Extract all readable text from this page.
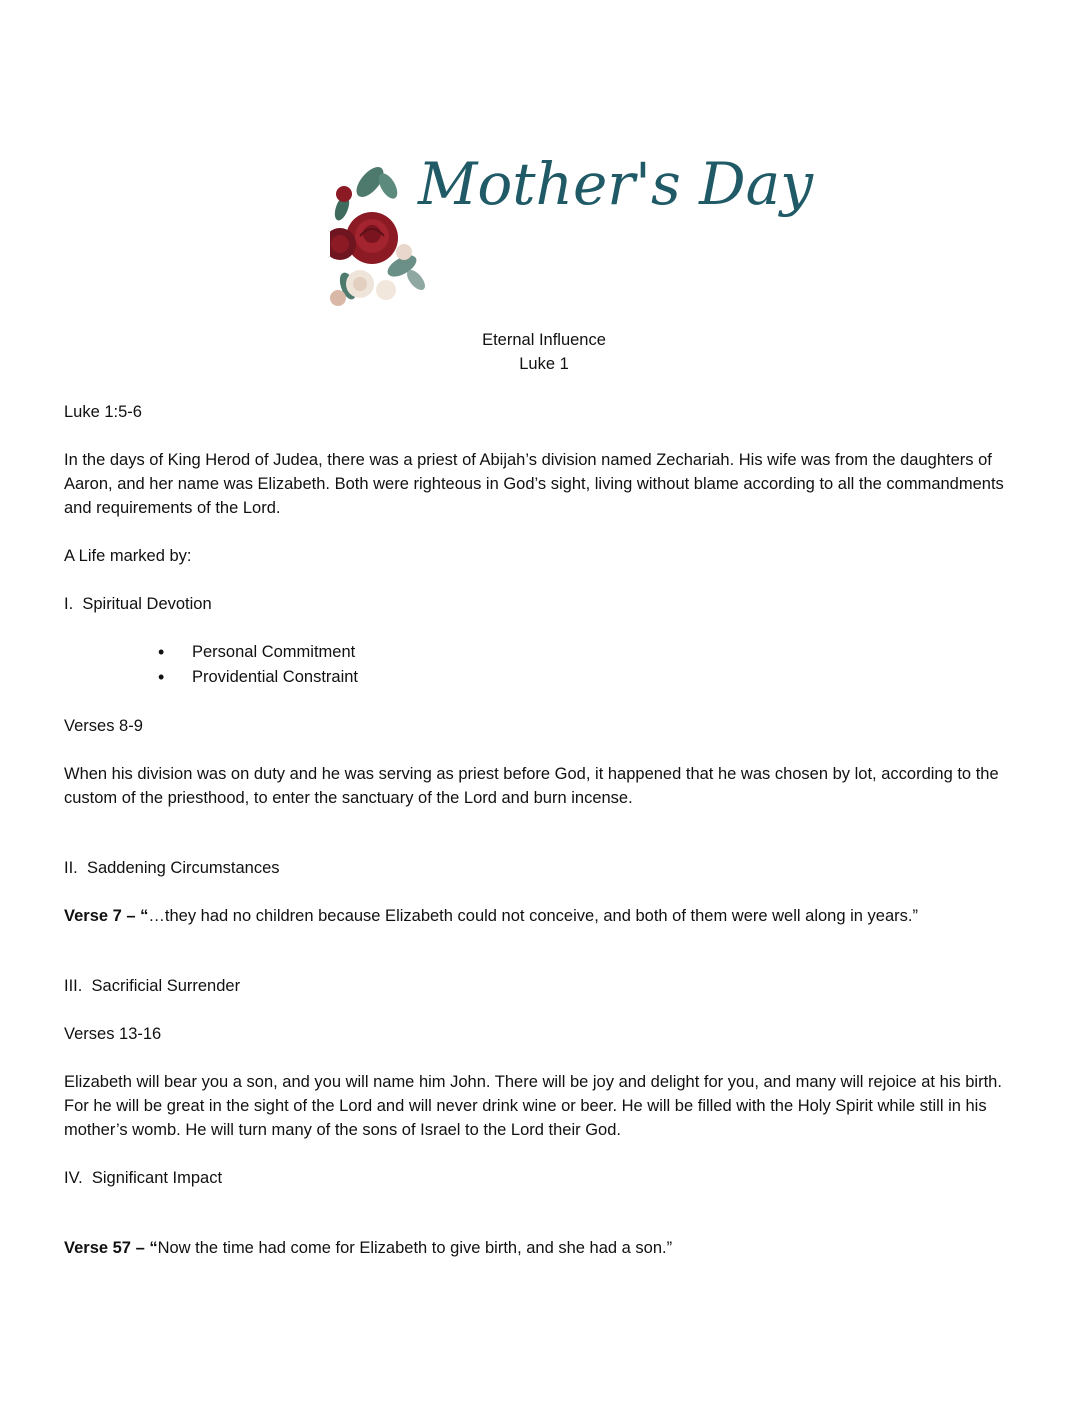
Mother's Day

Eternal Influence

Luke 1

Luke 1:5-6

In the days of King Herod of Judea, there was a priest of Abijah’s division named Zechariah. His wife was from the daughters of Aaron, and her name was Elizabeth. Both were righteous in God’s sight, living without blame according to all the commandments and requirements of the Lord.

A Life marked by:

I. Spiritual Devotion

• Personal Commitment
• Providential Constraint

Verses 8-9

When his division was on duty and he was serving as priest before God, it happened that he was chosen by lot, according to the custom of the priesthood, to enter the sanctuary of the Lord and burn incense.

II. Saddening Circumstances

Verse 7 – “…they had no children because Elizabeth could not conceive, and both of them were well along in years.”

III. Sacrificial Surrender

Verses 13-16

Elizabeth will bear you a son, and you will name him John. There will be joy and delight for you, and many will rejoice at his birth. For he will be great in the sight of the Lord and will never drink wine or beer. He will be filled with the Holy Spirit while still in his mother’s womb. He will turn many of the sons of Israel to the Lord their God.

IV. Significant Impact

Verse 57 – “Now the time had come for Elizabeth to give birth, and she had a son.”
